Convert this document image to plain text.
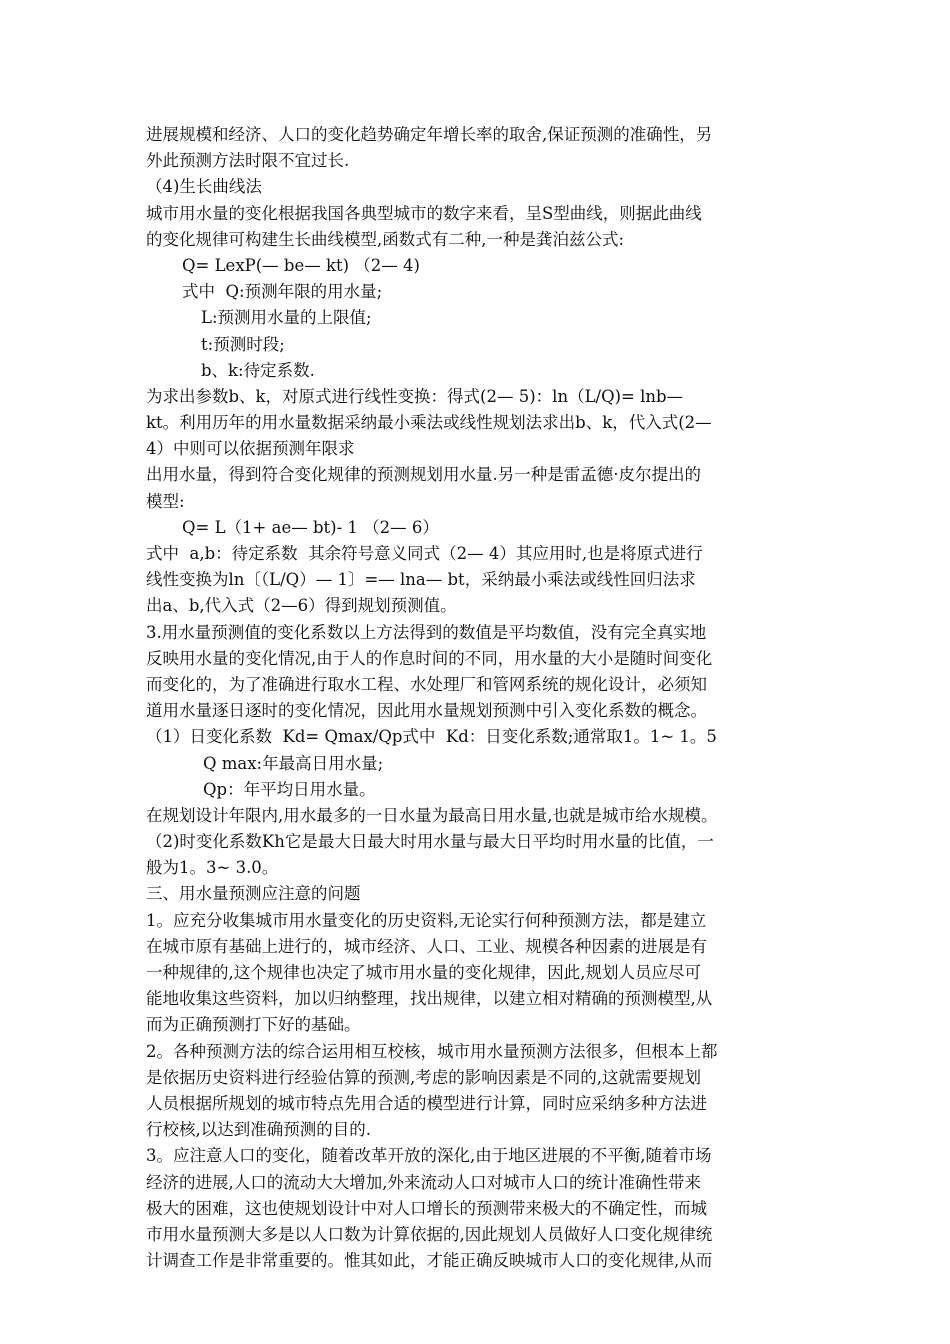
进展规模和经济、人口的变化趋势确定年增长率的取舍,保证预测的准确性，另
外此预测方法时限不宜过长.
（4)生长曲线法
城市用水量的变化根据我国各典型城市的数字来看，呈S型曲线，则据此曲线
的变化规律可构建生长曲线模型,函数式有二种,一种是龚泊兹公式:
Q= LexP(— be— kt) （2— 4)
式中  Q:预测年限的用水量;
L:预测用水量的上限值;
t:预测时段;
b、k:待定系数.
为求出参数b、k，对原式进行线性变换：得式(2— 5)：ln（L/Q)= lnb—
kt。利用历年的用水量数据采纳最小乘法或线性规划法求出b、k，代入式(2—
4）中则可以依据预测年限求
出用水量，得到符合变化规律的预测规划用水量.另一种是雷孟德·皮尔提出的
模型:
Q= L（1+ ae— bt)- 1 （2— 6）
式中  a,b：待定系数  其余符号意义同式（2— 4）其应用时,也是将原式进行
线性变换为ln〔（L/Q）— 1〕=— lna— bt，采纳最小乘法或线性回归法求
出a、b,代入式（2—6）得到规划预测值。
3.用水量预测值的变化系数以上方法得到的数值是平均数值，没有完全真实地
反映用水量的变化情况,由于人的作息时间的不同，用水量的大小是随时间变化
而变化的，为了准确进行取水工程、水处理厂和管网系统的规化设计，必须知
道用水量逐日逐时的变化情况，因此用水量规划预测中引入变化系数的概念。
（1）日变化系数  Kd= Qmax/Qp式中  Kd：日变化系数;通常取1。1~ 1。5
Q max:年最高日用水量;
Qp：年平均日用水量。
在规划设计年限内,用水最多的一日水量为最高日用水量,也就是城市给水规模。
（2)时变化系数Kh它是最大日最大时用水量与最大日平均时用水量的比值，一
般为1。3~ 3.0。
三、用水量预测应注意的问题
1。应充分收集城市用水量变化的历史资料,无论实行何种预测方法，都是建立
在城市原有基础上进行的，城市经济、人口、工业、规模各种因素的进展是有
一种规律的,这个规律也决定了城市用水量的变化规律，因此,规划人员应尽可
能地收集这些资料，加以归纳整理，找出规律，以建立相对精确的预测模型,从
而为正确预测打下好的基础。
2。各种预测方法的综合运用相互校核，城市用水量预测方法很多，但根本上都
是依据历史资料进行经验估算的预测,考虑的影响因素是不同的,这就需要规划
人员根据所规划的城市特点先用合适的模型进行计算，同时应采纳多种方法进
行校核,以达到准确预测的目的.
3。应注意人口的变化，随着改革开放的深化,由于地区进展的不平衡,随着市场
经济的进展,人口的流动大大增加,外来流动人口对城市人口的统计准确性带来
极大的困难，这也使规划设计中对人口增长的预测带来极大的不确定性，而城
市用水量预测大多是以人口数为计算依据的,因此规划人员做好人口变化规律统
计调查工作是非常重要的。惟其如此，才能正确反映城市人口的变化规律,从而
